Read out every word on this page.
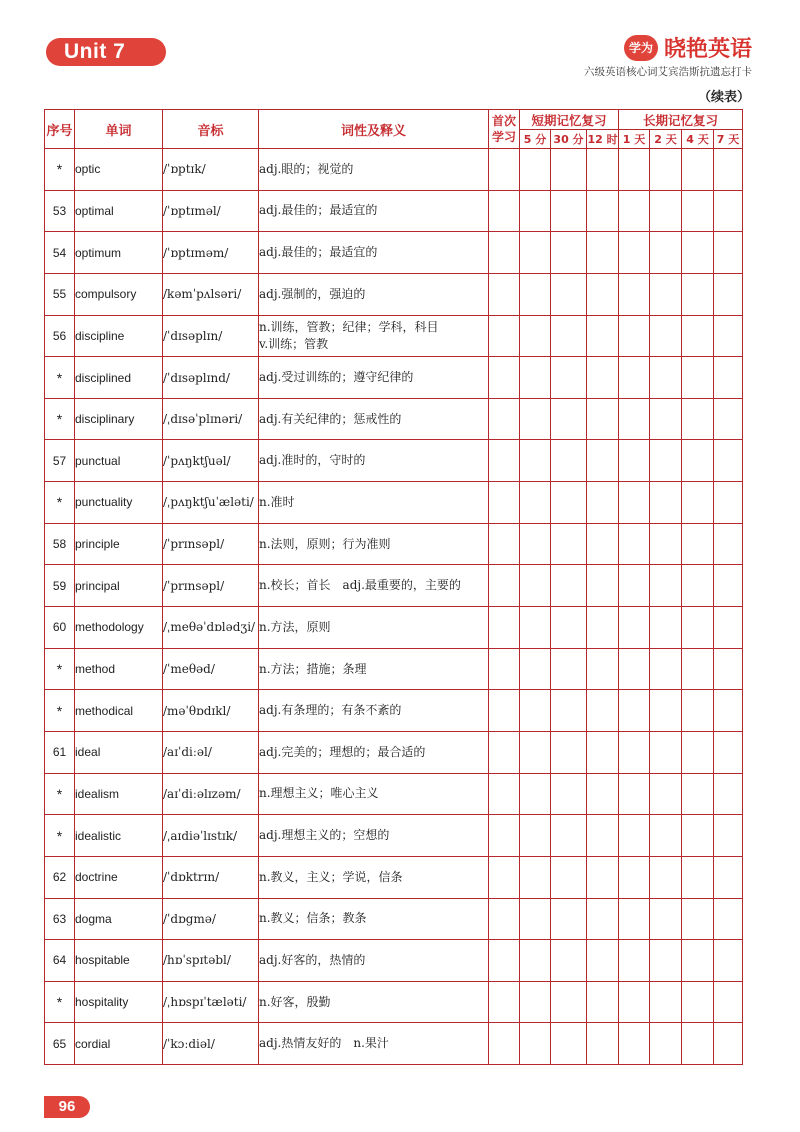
Unit 7	学为 晓艳英语
六级英语核心词艾宾浩斯抗遗忘打卡
（续表）
序号	单词	音标	词性及释义	首次学习	短期记忆复习			长期记忆复习			
					5 分	30 分	12 时	1 天	2 天	4 天	7 天
*	optic	/ˈɒptɪk/	adj.眼的；视觉的								

53	optimal	/ˈɒptɪməl/	adj.最佳的；最适宜的								

54	optimum	/ˈɒptɪməm/	adj.最佳的；最适宜的								

55	compulsory	/kəmˈpʌlsəri/	adj.强制的，强迫的								

56	discipline	/ˈdɪsəplɪn/	n.训练，管教；纪律；学科，科目
v.训练；管教								

*	disciplined	/ˈdɪsəplɪnd/	adj.受过训练的；遵守纪律的								

*	disciplinary	/ˌdɪsəˈplɪnəri/	adj.有关纪律的；惩戒性的								

57	punctual	/ˈpʌŋktʃuəl/	adj.准时的，守时的								

*	punctuality	/ˌpʌŋktʃuˈæləti/	n.准时								

58	principle	/ˈprɪnsəpl/	n.法则，原则；行为准则								

59	principal	/ˈprɪnsəpl/	n.校长；首长　adj.最重要的，主要的								

60	methodology	/ˌmeθəˈdɒlədʒi/	n.方法，原则								

*	method	/ˈmeθəd/	n.方法；措施；条理								

*	methodical	/məˈθɒdɪkl/	adj.有条理的；有条不紊的								

61	ideal	/aɪˈdiːəl/	adj.完美的；理想的；最合适的								

*	idealism	/aɪˈdiːəlɪzəm/	n.理想主义；唯心主义								

*	idealistic	/ˌaɪdiəˈlɪstɪk/	adj.理想主义的；空想的								

62	doctrine	/ˈdɒktrɪn/	n.教义，主义；学说，信条								

63	dogma	/ˈdɒgmə/	n.教义；信条；教条								

64	hospitable	/hɒˈspɪtəbl/	adj.好客的，热情的								

*	hospitality	/ˌhɒspɪˈtæləti/	n.好客，殷勤								

65	cordial	/ˈkɔːdiəl/	adj.热情友好的　n.果汁								

96
